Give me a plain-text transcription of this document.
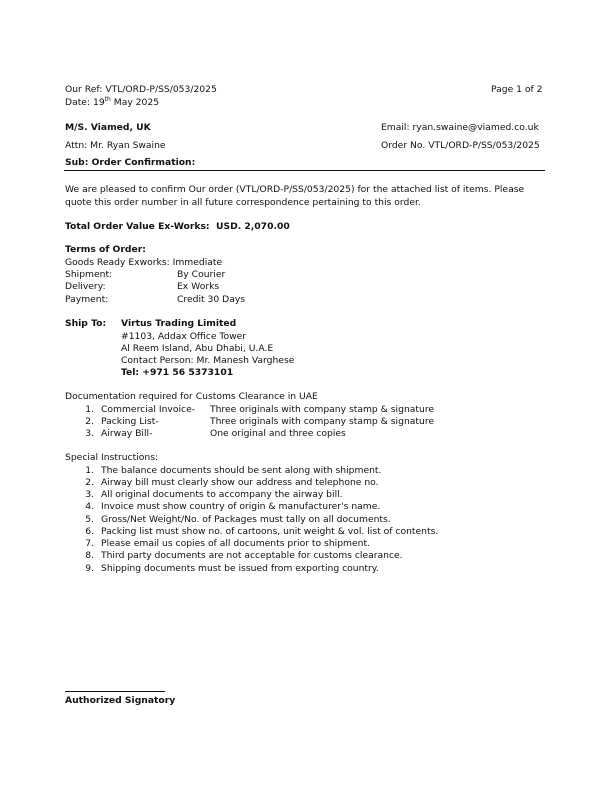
Our Ref: VTL/ORD-P/SS/053/2025	Page 1 of 2
Date: 19th May 2025
M/S. Viamed, UK	Email: ryan.swaine@viamed.co.uk
Attn: Mr. Ryan Swaine	Order No. VTL/ORD-P/SS/053/2025
Sub: Order Confirmation:
We are pleased to confirm Our order (VTL/ORD-P/SS/053/2025) for the attached list of items. Please
quote this order number in all future correspondence pertaining to this order.
Total Order Value Ex-Works: USD. 2,070.00
Terms of Order:
Goods Ready Exworks: Immediate
Shipment:	By Courier
Delivery:	Ex Works
Payment:	Credit 30 Days
Ship To: Virtus Trading Limited
#1103, Addax Office Tower
Al Reem Island, Abu Dhabi, U.A.E
Contact Person: Mr. Manesh Varghese
Tel: +971 56 5373101
Documentation required for Customs Clearance in UAE
1. Commercial Invoice- Three originals with company stamp & signature
2. Packing List-	Three originals with company stamp & signature
3. Airway Bill-	One original and three copies
Special Instructions:
1. The balance documents should be sent along with shipment.
2. Airway bill must clearly show our address and telephone no.
3. All original documents to accompany the airway bill.
4. Invoice must show country of origin & manufacturer's name.
5. Gross/Net Weight/No. of Packages must tally on all documents.
6. Packing list must show no. of cartoons, unit weight & vol. list of contents.
7. Please email us copies of all documents prior to shipment.
8. Third party documents are not acceptable for customs clearance.
9. Shipping documents must be issued from exporting country.
Authorized Signatory
